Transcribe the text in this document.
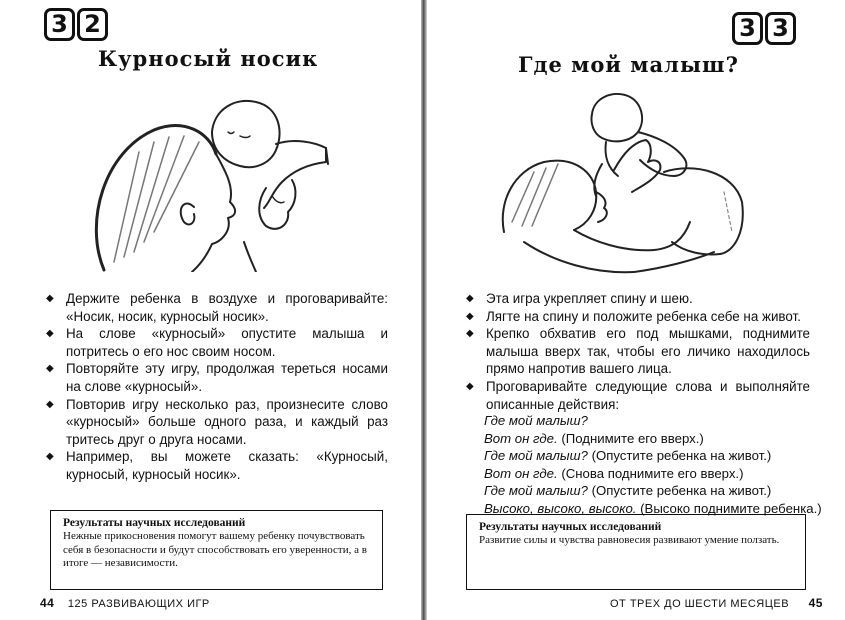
3 2
Курносый носик
◆ Держите ребенка в воздухе и проговаривайте: «Носик, носик, курносый носик».
◆ На слове «курносый» опустите малыша и потритесь о его нос своим носом.
◆ Повторяйте эту игру, продолжая тереться носами на слове «курносый».
◆ Повторив игру несколько раз, произнесите слово «курносый» больше одного раза, и каждый раз тритесь друг о друга носами.
◆ Например, вы можете сказать: «Курносый, курносый, курносый носик».
Результаты научных исследований
Нежные прикосновения помогут вашему ребенку почувствовать себя в безопасности и будут способствовать его уверенности, а в итоге — независимости.
44 125 РАЗВИВАЮЩИХ ИГР
3 3
Где мой малыш?
◆ Эта игра укрепляет спину и шею.
◆ Лягте на спину и положите ребенка себе на живот.
◆ Крепко обхватив его под мышками, поднимите малыша вверх так, чтобы его личико находилось прямо напротив вашего лица.
◆ Проговаривайте следующие слова и выполняйте описанные действия:
Где мой малыш?
Вот он где. (Поднимите его вверх.)
Где мой малыш? (Опустите ребенка на живот.)
Вот он где. (Снова поднимите его вверх.)
Где мой малыш? (Опустите ребенка на живот.)
Высоко, высоко, высоко. (Высоко поднимите ребенка.)
Результаты научных исследований
Развитие силы и чувства равновесия развивают умение ползать.
ОТ ТРЕХ ДО ШЕСТИ МЕСЯЦЕВ 45
